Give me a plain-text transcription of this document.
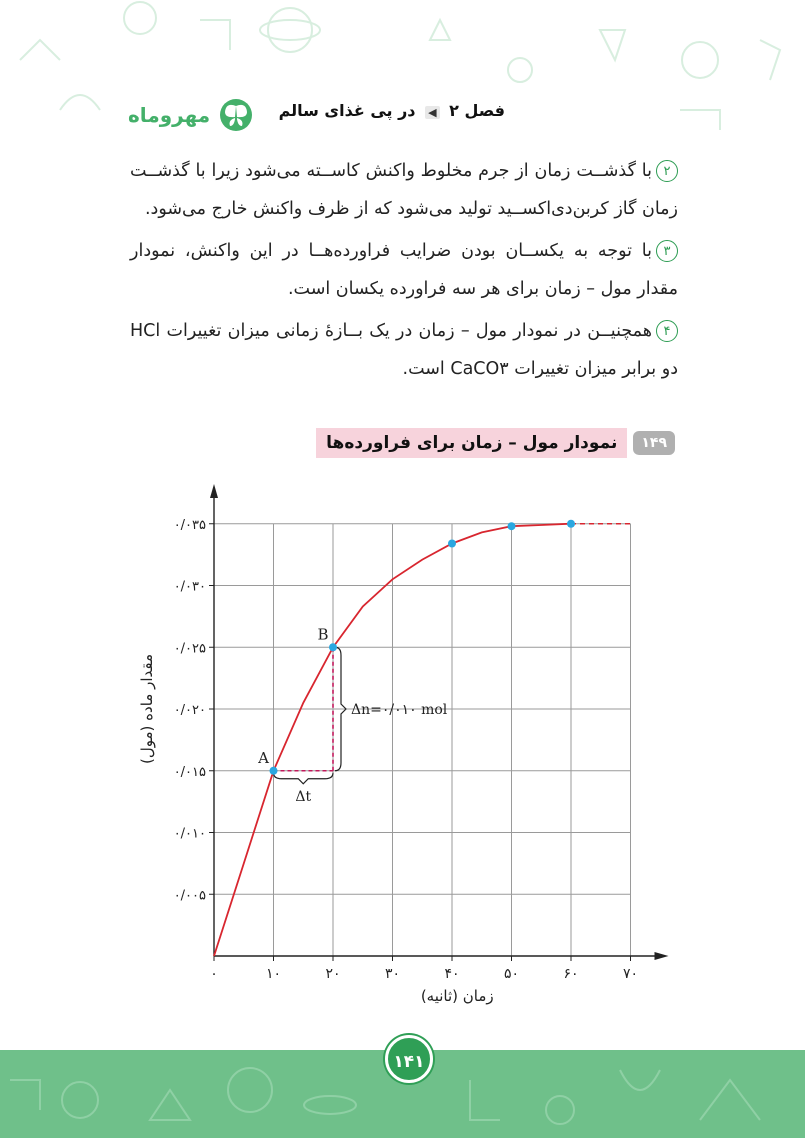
مهروماه	فصل ۲ ◀ در پی غذای سالم

۲با گذشــت زمان از جرم مخلوط واکنش کاســته می‌شود زیرا با گذشــت زمان گاز کربن‌دی‌اکســید تولید می‌شود که از ظرف واکنش خارج می‌شود.

۳با توجه به یکســان بودن ضرایب فراورده‌هــا در این واکنش، نمودار مقدار مول – زمان برای هر سه فراورده یکسان است.

۴همچنیــن در نمودار مول – زمان در یک بــازهٔ زمانی میزان تغییرات HCl دو برابر میزان تغییرات CaCO۳ است.

۱۴۹
نمودار مول – زمان برای فراورده‌ها
۰	۱۰	۲۰	۳۰	۴۰	۵۰	۶۰	۷۰
۰/۰۰۵
۰/۰۱۰
۰/۰۱۵
۰/۰۲۰
۰/۰۲۵
۰/۰۳۰
۰/۰۳۵
زمان (ثانیه)
مقدار ماده (مول)	A
B
Δn=۰/۰۱۰ mol
Δt
۱۴۱
